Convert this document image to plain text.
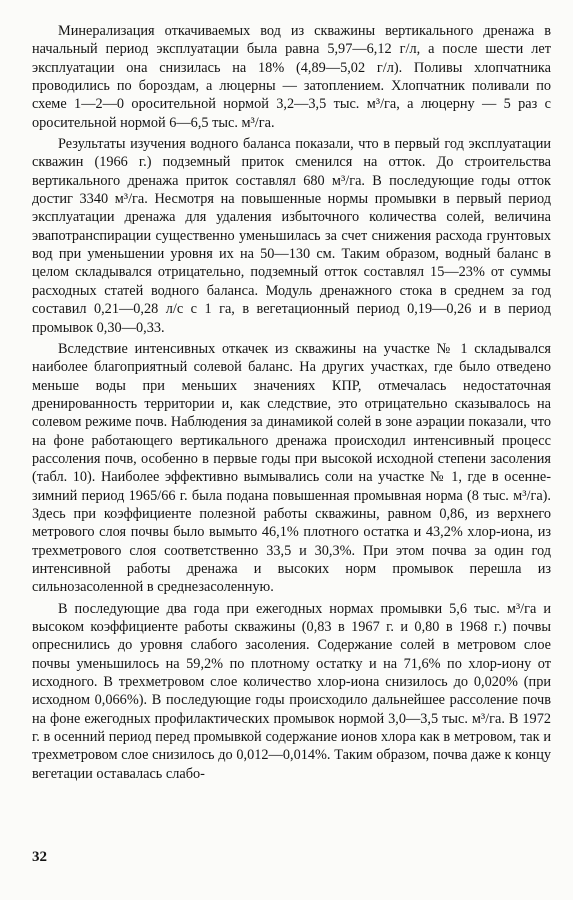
Минерализация откачиваемых вод из скважины вертикального дренажа в начальный период эксплуатации была равна 5,97—6,12 г/л, а после шести лет эксплуатации она снизилась на 18% (4,89—5,02 г/л). Поливы хлопчатника проводились по бороздам, а люцерны — затоплением. Хлопчатник поливали по схеме 1—2—0 оросительной нормой 3,2—3,5 тыс. м³/га, а люцерну — 5 раз с оросительной нормой 6—6,5 тыс. м³/га.

Результаты изучения водного баланса показали, что в первый год эксплуатации скважин (1966 г.) подземный приток сменился на отток. До строительства вертикального дренажа приток составлял 680 м³/га. В последующие годы отток достиг 3340 м³/га. Несмотря на повышенные нормы промывки в первый период эксплуатации дренажа для удаления избыточного количества солей, величина эвапотранспирации существенно уменьшилась за счет снижения расхода грунтовых вод при уменьшении уровня их на 50—130 см. Таким образом, водный баланс в целом складывался отрицательно, подземный отток составлял 15—23% от суммы расходных статей водного баланса. Модуль дренажного стока в среднем за год составил 0,21—0,28 л/с с 1 га, в вегетационный период 0,19—0,26 и в период промывок 0,30—0,33.

Вследствие интенсивных откачек из скважины на участке № 1 складывался наиболее благоприятный солевой баланс. На других участках, где было отведено меньше воды при меньших значениях КПР, отмечалась недостаточная дренированность территории и, как следствие, это отрицательно сказывалось на солевом режиме почв. Наблюдения за динамикой солей в зоне аэрации показали, что на фоне работающего вертикального дренажа происходил интенсивный процесс рассоления почв, особенно в первые годы при высокой исходной степени засоления (табл. 10). Наиболее эффективно вымывались соли на участке № 1, где в осенне-зимний период 1965/66 г. была подана повышенная промывная норма (8 тыс. м³/га). Здесь при коэффициенте полезной работы скважины, равном 0,86, из верхнего метрового слоя почвы было вымыто 46,1% плотного остатка и 43,2% хлор-иона, из трехметрового слоя соответственно 33,5 и 30,3%. При этом почва за один год интенсивной работы дренажа и высоких норм промывок перешла из сильнозасоленной в среднезасоленную.

В последующие два года при ежегодных нормах промывки 5,6 тыс. м³/га и высоком коэффициенте работы скважины (0,83 в 1967 г. и 0,80 в 1968 г.) почвы опреснились до уровня слабого засоления. Содержание солей в метровом слое почвы уменьшилось на 59,2% по плотному остатку и на 71,6% по хлор-иону от исходного. В трехметровом слое количество хлор-иона снизилось до 0,020% (при исходном 0,066%). В последующие годы происходило дальнейшее рассоление почв на фоне ежегодных профилактических промывок нормой 3,0—3,5 тыс. м³/га. В 1972 г. в осенний период перед промывкой содержание ионов хлора как в метровом, так и трехметровом слое снизилось до 0,012—0,014%. Таким образом, почва даже к концу вегетации оставалась слабо-

32
